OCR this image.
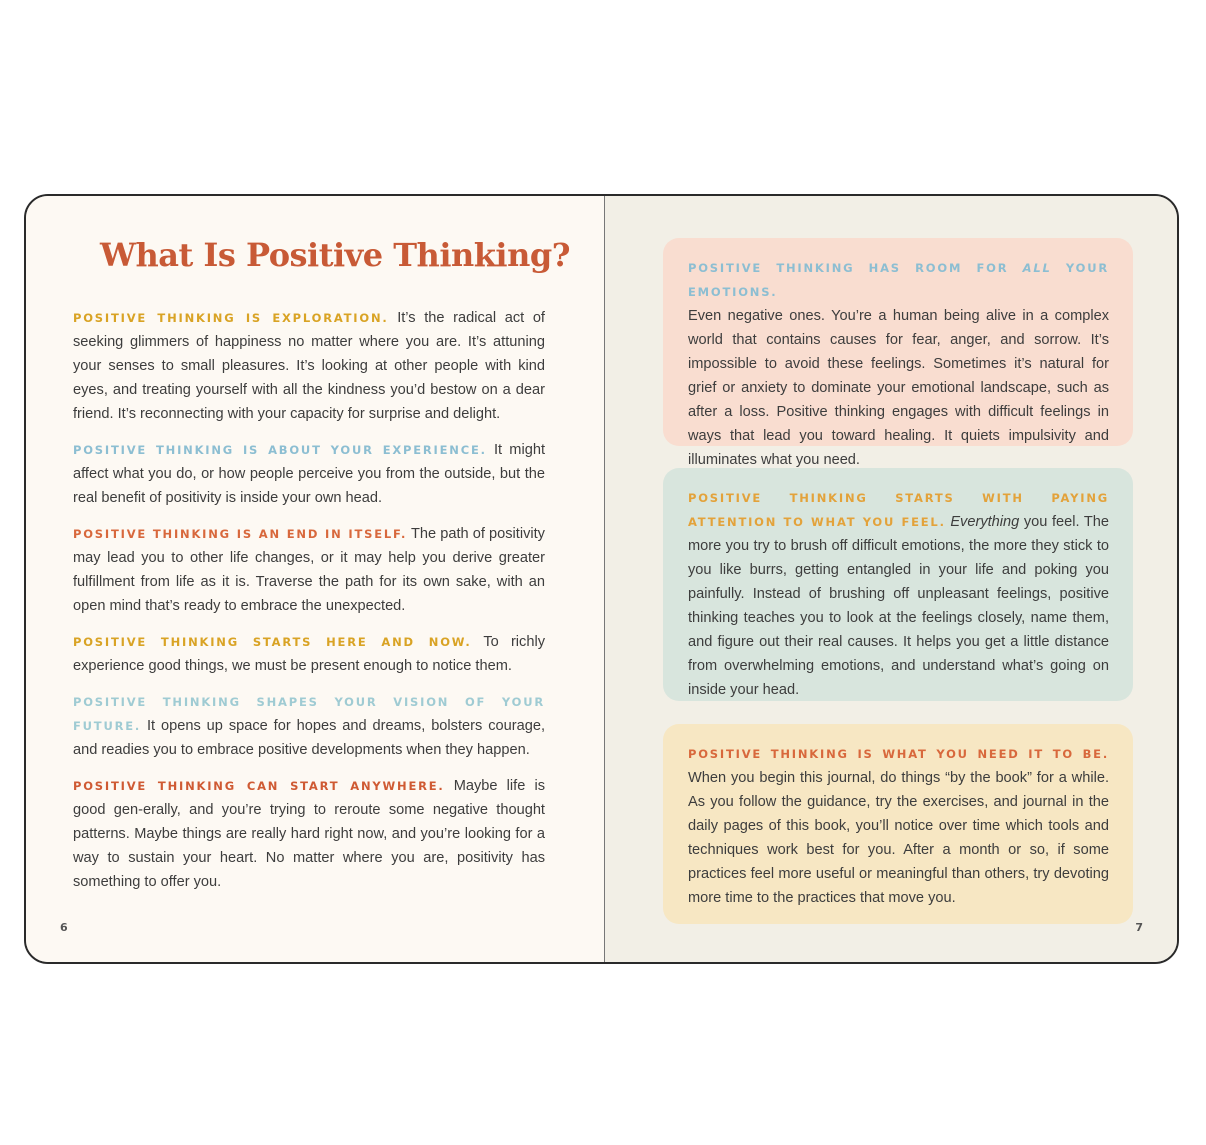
What Is Positive Thinking?

POSITIVE THINKING IS EXPLORATION. It’s the radical act of seeking glimmers of happiness no matter where you are. It’s attuning your senses to small pleasures. It’s looking at other people with kind eyes, and treating yourself with all the kindness you’d bestow on a dear friend. It’s reconnecting with your capacity for surprise and delight.

POSITIVE THINKING IS ABOUT YOUR EXPERIENCE. It might affect what you do, or how people perceive you from the outside, but the real benefit of positivity is inside your own head.

POSITIVE THINKING IS AN END IN ITSELF. The path of positivity may lead you to other life changes, or it may help you derive greater fulfillment from life as it is. Traverse the path for its own sake, with an open mind that’s ready to embrace the unexpected.

POSITIVE THINKING STARTS HERE AND NOW. To richly experience good things, we must be present enough to notice them.

POSITIVE THINKING SHAPES YOUR VISION OF YOUR FUTURE. It opens up space for hopes and dreams, bolsters courage, and readies you to embrace positive developments when they happen.

POSITIVE THINKING CAN START ANYWHERE. Maybe life is good gen-erally, and you’re trying to reroute some negative thought patterns. Maybe things are really hard right now, and you’re looking for a way to sustain your heart. No matter where you are, positivity has something to offer you.

6

POSITIVE THINKING HAS ROOM FOR ALL YOUR EMOTIONS.
Even negative ones. You’re a human being alive in a complex world that contains causes for fear, anger, and sorrow. It’s impossible to avoid these feelings. Sometimes it’s natural for grief or anxiety to dominate your emotional landscape, such as after a loss. Positive thinking engages with difficult feelings in ways that lead you toward healing. It quiets impulsivity and illuminates what you need.

POSITIVE THINKING STARTS WITH PAYING ATTENTION TO WHAT YOU FEEL. Everything you feel. The more you try to brush off difficult emotions, the more they stick to you like burrs, getting entangled in your life and poking you painfully. Instead of brushing off unpleasant feelings, positive thinking teaches you to look at the feelings closely, name them, and figure out their real causes. It helps you get a little distance from overwhelming emotions, and understand what’s going on inside your head.

POSITIVE THINKING IS WHAT YOU NEED IT TO BE. When you begin this journal, do things “by the book” for a while. As you follow the guidance, try the exercises, and journal in the daily pages of this book, you’ll notice over time which tools and techniques work best for you. After a month or so, if some practices feel more useful or meaningful than others, try devoting more time to the practices that move you.

7
